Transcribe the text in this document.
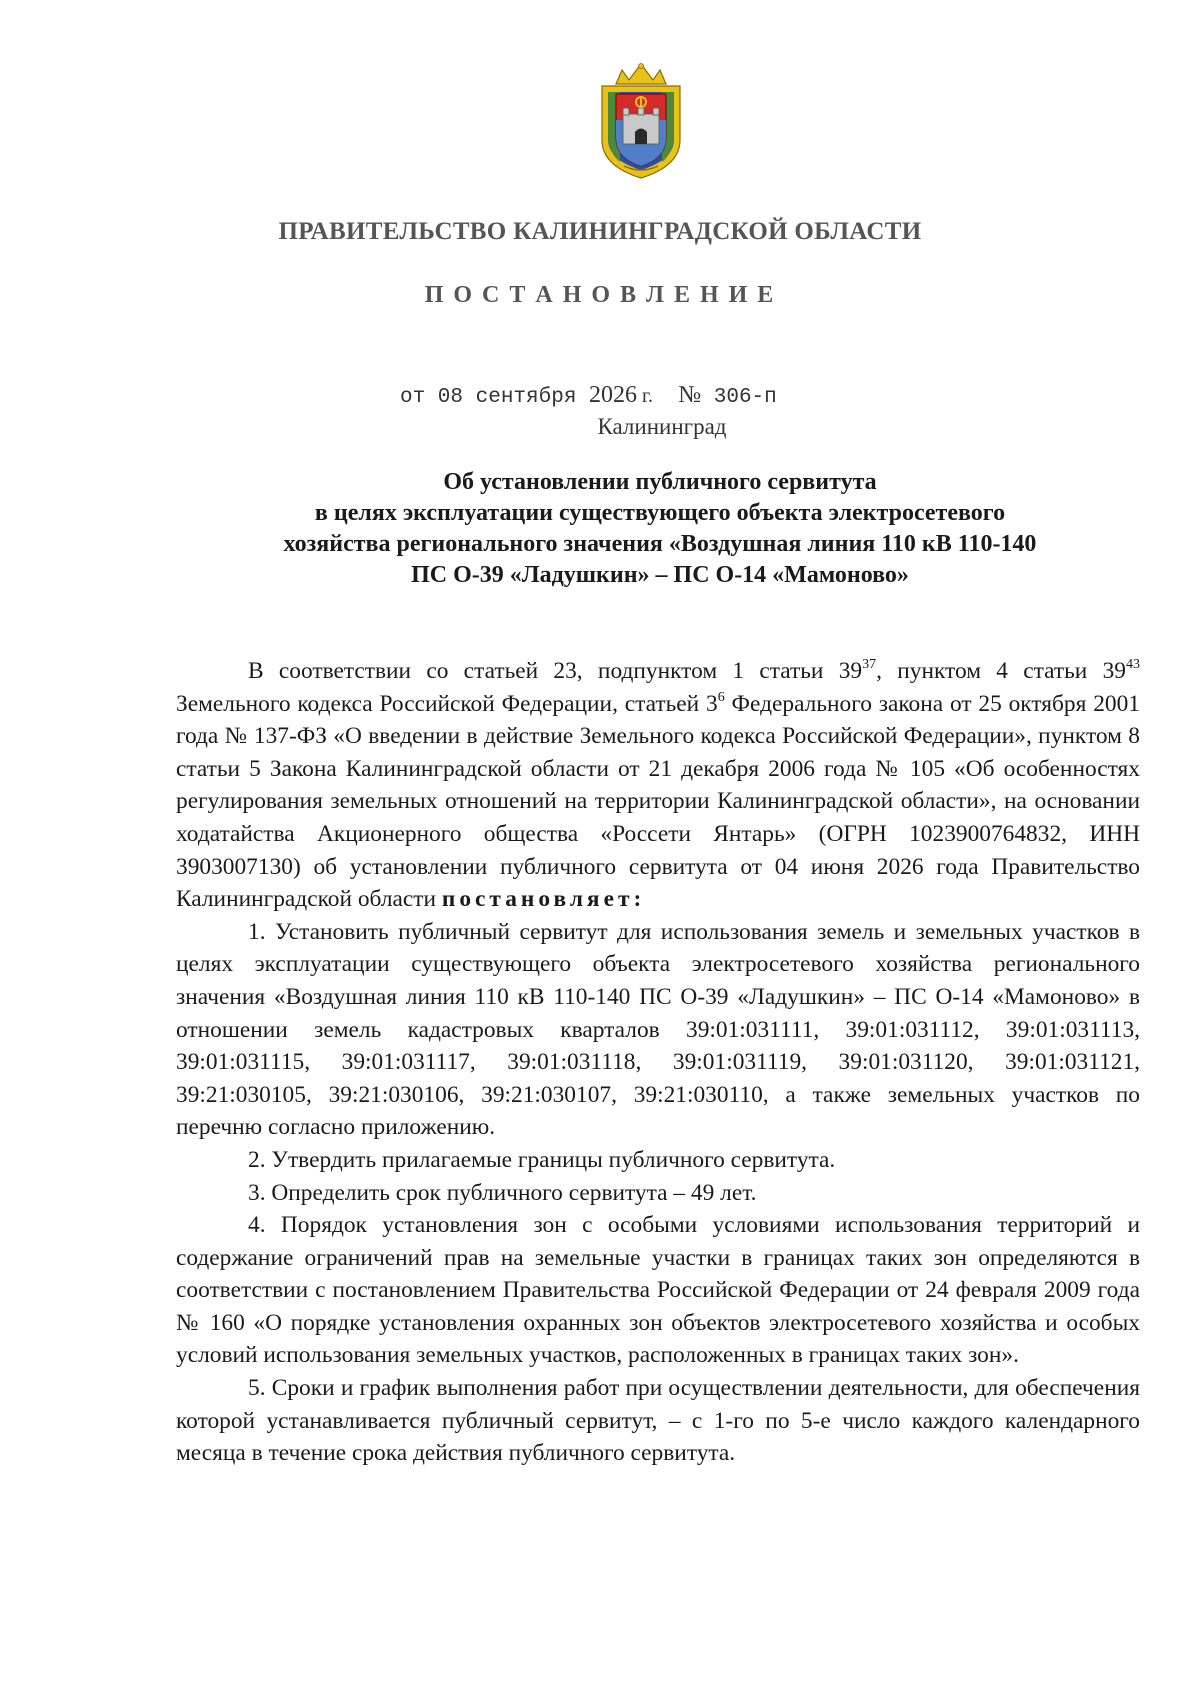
ПРАВИТЕЛЬСТВО КАЛИНИНГРАДСКОЙ ОБЛАСТИ
П О С Т А Н О В Л Е Н И Е
от 08 сентября 2026 г. № 306-п
Калининград
Об установлении публичного сервитута
в целях эксплуатации существующего объекта электросетевого
хозяйства регионального значения «Воздушная линия 110 кВ 110-140
ПС О-39 «Ладушкин» – ПС О-14 «Мамоново»

В соответствии со статьей 23, подпунктом 1 статьи $39^{37}$, пунктом 4 статьи $39^{43}$ Земельного кодекса Российской Федерации, статьей $3^6$ Федерального закона от 25 октября 2001 года № 137-ФЗ «О введении в действие Земельного кодекса Российской Федерации», пунктом 8 статьи 5 Закона Калининградской области от 21 декабря 2006 года № 105 «Об особенностях регулирования земельных отношений на территории Калининградской области», на основании ходатайства Акционерного общества «Россети Янтарь» (ОГРН 1023900764832, ИНН 3903007130) об установлении публичного сервитута от 04 июня 2026 года Правительство Калининградской области постановляет:

1. Установить публичный сервитут для использования земель и земельных участков в целях эксплуатации существующего объекта электросетевого хозяйства регионального значения «Воздушная линия 110 кВ 110-140 ПС О-39 «Ладушкин» – ПС О-14 «Мамоново» в отношении земель кадастровых кварталов 39:01:031111, 39:01:031112, 39:01:031113, 39:01:031115, 39:01:031117, 39:01:031118, 39:01:031119, 39:01:031120, 39:01:031121, 39:21:030105, 39:21:030106, 39:21:030107, 39:21:030110, а также земельных участков по перечню согласно приложению.

2. Утвердить прилагаемые границы публичного сервитута.

3. Определить срок публичного сервитута – 49 лет.

4. Порядок установления зон с особыми условиями использования территорий и содержание ограничений прав на земельные участки в границах таких зон определяются в соответствии с постановлением Правительства Российской Федерации от 24 февраля 2009 года № 160 «О порядке установления охранных зон объектов электросетевого хозяйства и особых условий использования земельных участков, расположенных в границах таких зон».

5. Сроки и график выполнения работ при осуществлении деятельности, для обеспечения которой устанавливается публичный сервитут, – с 1-го по 5-е число каждого календарного месяца в течение срока действия публичного сервитута.
